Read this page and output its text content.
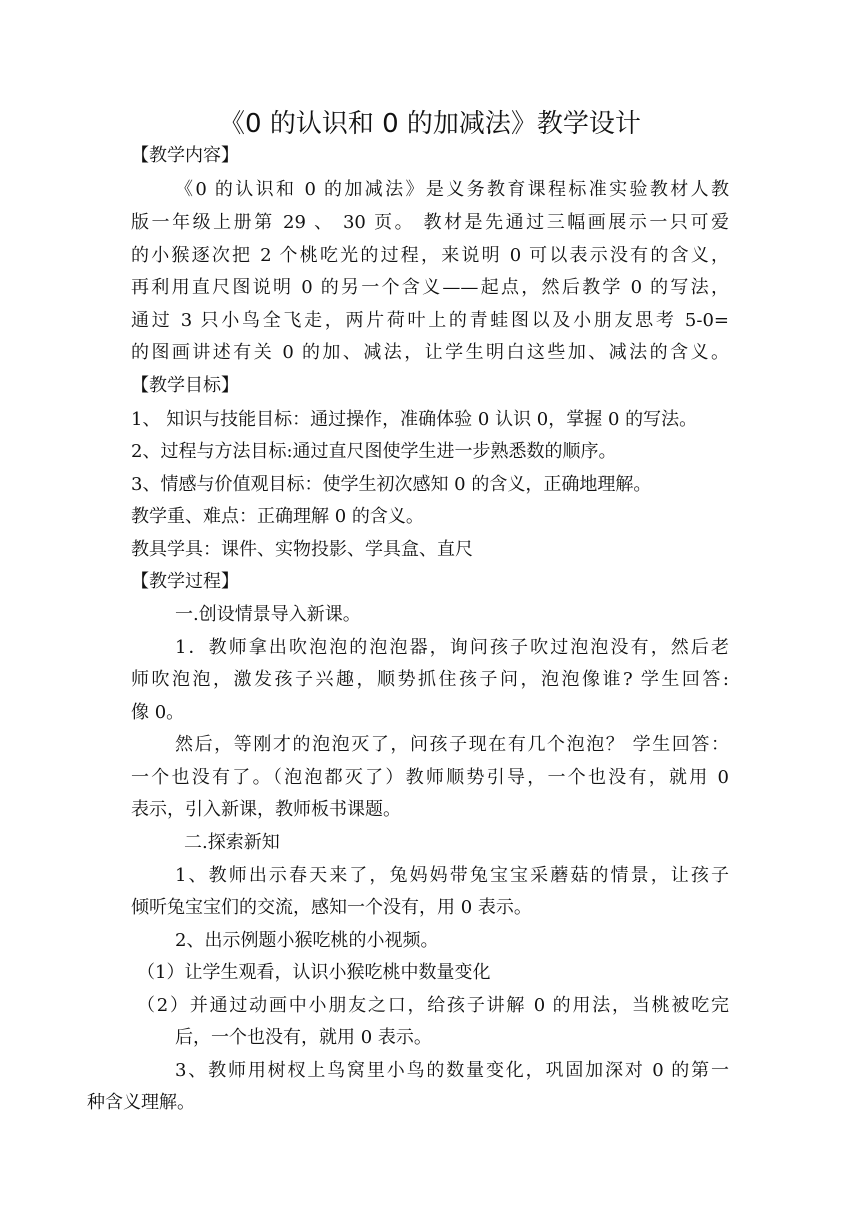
《0 的认识和 0 的加减法》教学设计
【教学内容】
《0 的认识和 0 的加减法》是义务教育课程标准实验教材人教
版一年级上册第 29 、 30 页。 教材是先通过三幅画展示一只可爱
的小猴逐次把 2 个桃吃光的过程，来说明 0 可以表示没有的含义，
再利用直尺图说明 0 的另一个含义——起点，然后教学 0 的写法，
通过 3 只小鸟全飞走，两片荷叶上的青蛙图以及小朋友思考 5-0=
的图画讲述有关 0 的加、减法，让学生明白这些加、减法的含义。
【教学目标】
1、 知识与技能目标：通过操作，准确体验 0 认识 0，掌握 0 的写法。
2、过程与方法目标:通过直尺图使学生进一步熟悉数的顺序。
3、情感与价值观目标：使学生初次感知 0 的含义，正确地理解。
教学重、难点：正确理解 0 的含义。
教具学具：课件、实物投影、学具盒、直尺
【教学过程】
一.创设情景导入新课。
1．教师拿出吹泡泡的泡泡器，询问孩子吹过泡泡没有，然后老
师吹泡泡，激发孩子兴趣，顺势抓住孩子问，泡泡像谁? 学生回答:
像 0。
然后，等刚才的泡泡灭了，问孩子现在有几个泡泡？ 学生回答：
一个也没有了。（泡泡都灭了）教师顺势引导，一个也没有，就用 0
表示，引入新课，教师板书课题。
二.探索新知
1、教师出示春天来了，兔妈妈带兔宝宝采蘑菇的情景，让孩子
倾听兔宝宝们的交流，感知一个没有，用 0 表示。
2、出示例题小猴吃桃的小视频。
（1）让学生观看，认识小猴吃桃中数量变化
（2）并通过动画中小朋友之口，给孩子讲解 0 的用法，当桃被吃完
后，一个也没有，就用 0 表示。
3、教师用树杈上鸟窝里小鸟的数量变化，巩固加深对 0 的第一
种含义理解。
